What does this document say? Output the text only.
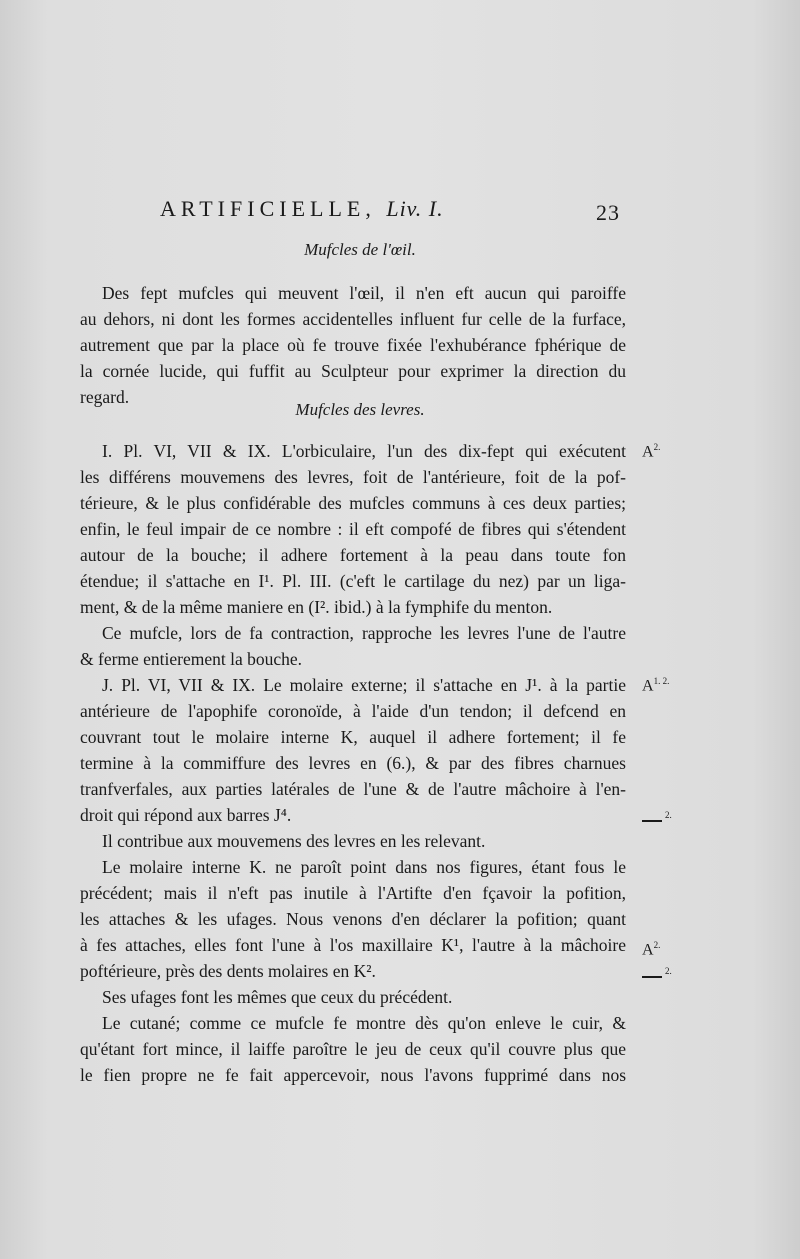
ARTIFICIELLE, Liv. I.	23
Mufcles de l'œil.
Des fept mufcles qui meuvent l'œil, il n'en eft aucun qui paroiffe
au dehors, ni dont les formes accidentelles influent fur celle de la furface,
autrement que par la place où fe trouve fixée l'exhubérance fphérique de
la cornée lucide, qui fuffit au Sculpteur pour exprimer la direction du
regard.
Mufcles des levres.
I. Pl. VI, VII & IX. L'orbiculaire, l'un des dix-fept qui exécutent
les différens mouvemens des levres, foit de l'antérieure, foit de la pof-
térieure, & le plus confidérable des mufcles communs à ces deux parties;
enfin, le feul impair de ce nombre : il eft compofé de fibres qui s'étendent
autour de la bouche; il adhere fortement à la peau dans toute fon
étendue; il s'attache en I¹. Pl. III. (c'eft le cartilage du nez) par un liga-
ment, & de la même maniere en (I². ibid.) à la fymphife du menton.
Ce mufcle, lors de fa contraction, rapproche les levres l'une de l'autre
& ferme entierement la bouche.
J. Pl. VI, VII & IX. Le molaire externe; il s'attache en J¹. à la partie
antérieure de l'apophife coronoïde, à l'aide d'un tendon; il defcend en
couvrant tout le molaire interne K, auquel il adhere fortement; il fe
termine à la commiffure des levres en (6.), & par des fibres charnues
tranfverfales, aux parties latérales de l'une & de l'autre mâchoire à l'en-
droit qui répond aux barres J⁴.
Il contribue aux mouvemens des levres en les relevant.
Le molaire interne K. ne paroît point dans nos figures, étant fous le
précédent; mais il n'eft pas inutile à l'Artifte d'en fçavoir la pofition,
les attaches & les ufages. Nous venons d'en déclarer la pofition; quant
à fes attaches, elles font l'une à l'os maxillaire K¹, l'autre à la mâchoire
poftérieure, près des dents molaires en K².
Ses ufages font les mêmes que ceux du précédent.
Le cutané; comme ce mufcle fe montre dès qu'on enleve le cuir, &
qu'étant fort mince, il laiffe paroître le jeu de ceux qu'il couvre plus que
le fien propre ne fe fait appercevoir, nous l'avons fupprimé dans nos
$A^{2.}$
$A^{1. 2.}$
$^{2.}$
$A^{2.}$
$^{2.}$
